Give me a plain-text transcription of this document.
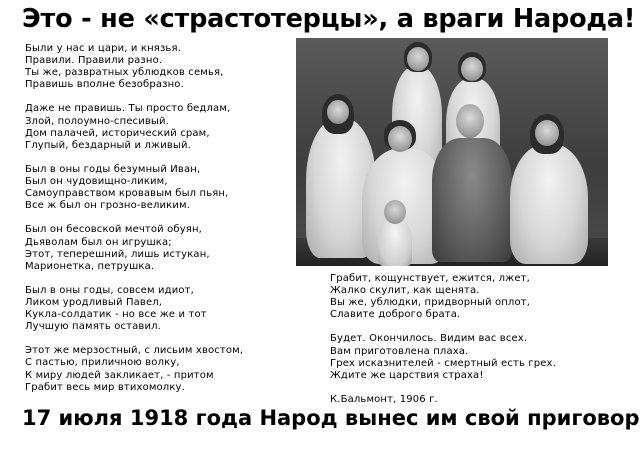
Это - не «страстотерцы», а враги Народа!
Были у нас и цари, и князья.
Правили. Правили разно.
Ты же, развратных ублюдков семья,
Правишь вполне безобразно.
Даже не правишь. Ты просто бедлам,
Злой, полоумно-спесивый.
Дом палачей, исторический срам,
Глупый, бездарный и лживый.
Был в оны годы безумный Иван,
Был он чудовищно-ликим,
Самоуправством кровавым был пьян,
Все ж был он грозно-великим.
Был он бесовской мечтой обуян,
Дьяволам был он игрушка;
Этот, теперешний, лишь истукан,
Марионетка, петрушка.
Был в оны годы, совсем идиот,
Ликом уродливый Павел,
Кукла-солдатик - но все же и тот
Лучшую память оставил.
Этот же мерзостный, с лисьим хвостом,
С пастью, приличною волку,
К миру людей закликает, - притом
Грабит весь мир втихомолку.
Грабит, кощунствует, ежится, лжет,
Жалко скулит, как щенята.
Вы же, ублюдки, придворный оплот,
Славите доброго брата.
Будет. Окончилось. Видим вас всех.
Вам приготовлена плаха.
Грех исказнителей - смертный есть грех.
Ждите же царствия страха!
К.Бальмонт, 1906 г.
17 июля 1918 года Народ вынес им свой приговор
